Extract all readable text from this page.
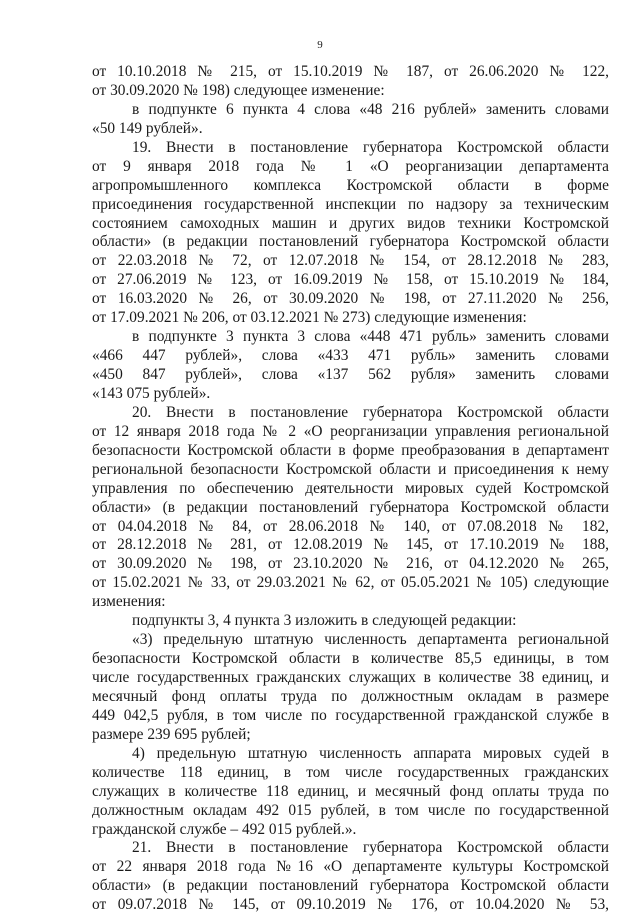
9
от 10.10.2018 № 215, от 15.10.2019 № 187, от 26.06.2020 № 122,
от 30.09.2020 № 198) следующее изменение:
в подпункте 6 пункта 4 слова «48 216 рублей» заменить словами
«50 149 рублей».
19. Внести в постановление губернатора Костромской области
от 9 января 2018 года № 1 «О реорганизации департамента
агропромышленного комплекса Костромской области в форме
присоединения государственной инспекции по надзору за техническим
состоянием самоходных машин и других видов техники Костромской
области» (в редакции постановлений губернатора Костромской области
от 22.03.2018 № 72, от 12.07.2018 № 154, от 28.12.2018 № 283,
от 27.06.2019 № 123, от 16.09.2019 № 158, от 15.10.2019 № 184,
от 16.03.2020 № 26, от 30.09.2020 № 198, от 27.11.2020 № 256,
от 17.09.2021 № 206, от 03.12.2021 № 273) следующие изменения:
в подпункте 3 пункта 3 слова «448 471 рубль» заменить словами
«466 447 рублей», слова «433 471 рубль» заменить словами
«450 847 рублей», слова «137 562 рубля» заменить словами
«143 075 рублей».
20. Внести в постановление губернатора Костромской области
от 12 января 2018 года № 2 «О реорганизации управления региональной
безопасности Костромской области в форме преобразования в департамент
региональной безопасности Костромской области и присоединения к нему
управления по обеспечению деятельности мировых судей Костромской
области» (в редакции постановлений губернатора Костромской области
от 04.04.2018 № 84, от 28.06.2018 № 140, от 07.08.2018 № 182,
от 28.12.2018 № 281, от 12.08.2019 № 145, от 17.10.2019 № 188,
от 30.09.2020 № 198, от 23.10.2020 № 216, от 04.12.2020 № 265,
от 15.02.2021 № 33, от 29.03.2021 № 62, от 05.05.2021 № 105) следующие
изменения:
подпункты 3, 4 пункта 3 изложить в следующей редакции:
«3) предельную штатную численность департамента региональной
безопасности Костромской области в количестве 85,5 единицы, в том
числе государственных гражданских служащих в количестве 38 единиц, и
месячный фонд оплаты труда по должностным окладам в размере
449 042,5 рубля, в том числе по государственной гражданской службе в
размере 239 695 рублей;
4) предельную штатную численность аппарата мировых судей в
количестве 118 единиц, в том числе государственных гражданских
служащих в количестве 118 единиц, и месячный фонд оплаты труда по
должностным окладам 492 015 рублей, в том числе по государственной
гражданской службе – 492 015 рублей.».
21. Внести в постановление губернатора Костромской области
от 22 января 2018 года №16 «О департаменте культуры Костромской
области» (в редакции постановлений губернатора Костромской области
от 09.07.2018 № 145, от 09.10.2019 № 176, от 10.04.2020 № 53,
